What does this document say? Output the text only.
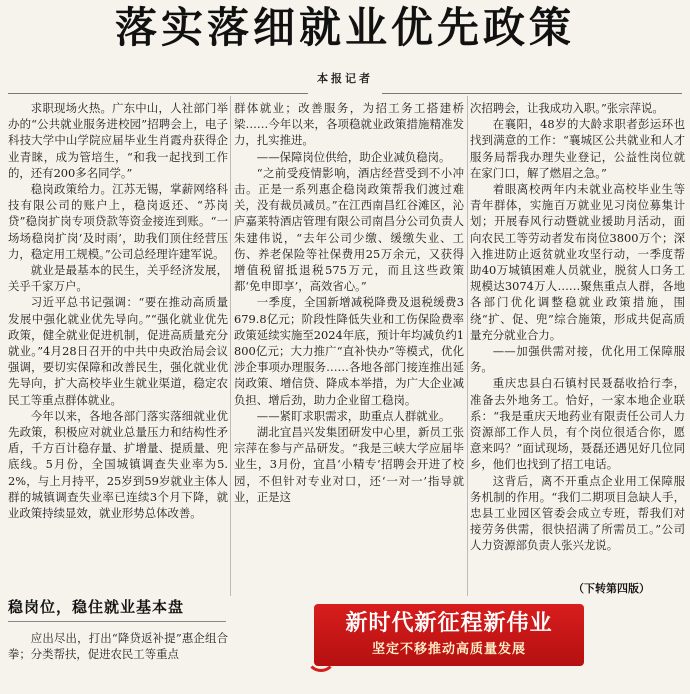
落实落细就业优先政策
本报记者

求职现场火热。广东中山，人社部门举办的“公共就业服务进校园”招聘会上，电子科技大学中山学院应届毕业生肖霞舟获得企业青睐，成为管培生，“和我一起找到工作的，还有200多名同学。”

稳岗政策给力。江苏无锡，掌薪网络科技有限公司的账户上，稳岗返还、“苏岗贷”稳岗扩岗专项贷款等资金接连到账。“一场场稳岗扩岗‘及时雨’，助我们顶住经营压力，稳定用工规模。”公司总经理许建军说。

就业是最基本的民生，关乎经济发展，关乎千家万户。

习近平总书记强调：“要在推动高质量发展中强化就业优先导向。”“强化就业优先政策，健全就业促进机制，促进高质量充分就业。”4月28日召开的中共中央政治局会议强调，要切实保障和改善民生，强化就业优先导向，扩大高校毕业生就业渠道，稳定农民工等重点群体就业。

今年以来，各地各部门落实落细就业优先政策，积极应对就业总量压力和结构性矛盾，千方百计稳存量、扩增量、提质量、兜底线。5月份，全国城镇调查失业率为5.2%，与上月持平，25岁到59岁就业主体人群的城镇调查失业率已连续3个月下降，就业政策持续显效，就业形势总体改善。

稳岗位，稳住就业基本盘

应出尽出，打出“降贷返补提”惠企组合拳；分类帮扶，促进农民工等重点

群体就业；改善服务，为招工务工搭建桥梁……今年以来，各项稳就业政策措施精准发力，扎实推进。

——保障岗位供给，助企业减负稳岗。

“之前受疫情影响，酒店经营受到不小冲击。正是一系列惠企稳岗政策帮我们渡过难关，没有裁员减员。”在江西南昌红谷滩区，沁庐嘉莱特酒店管理有限公司南昌分公司负责人朱建伟说，“去年公司少缴、缓缴失业、工伤、养老保险等社保费用25万余元，又获得增值税留抵退税575万元，而且这些政策都‘免申即享’，高效省心。”

一季度，全国新增减税降费及退税缓费3679.8亿元；阶段性降低失业和工伤保险费率政策延续实施至2024年底，预计年均减负约1800亿元；大力推广“直补快办”等模式，优化涉企事项办理服务……各地各部门接连推出延岗政策、增信贷、降成本举措，为广大企业减负担、增后劲，助力企业留工稳岗。

——紧盯求职需求，助重点人群就业。

湖北宜昌兴发集团研发中心里，新员工张宗萍在参与产品研发。“我是三峡大学应届毕业生，3月份，宜昌‘小精专’招聘会开进了校园，不但针对专业对口，还‘一对一’指导就业，正是这

次招聘会，让我成功入职。”张宗萍说。

在襄阳，48岁的大龄求职者彭运环也找到满意的工作：“襄城区公共就业和人才服务局帮我办理失业登记，公益性岗位就在家门口，解了燃眉之急。”

着眼离校两年内未就业高校毕业生等青年群体，实施百万就业见习岗位募集计划；开展春风行动暨就业援助月活动，面向农民工等劳动者发布岗位3800万个；深入推进防止返贫就业攻坚行动，一季度帮助40万城镇困难人员就业，脱贫人口务工规模达3074万人……聚焦重点人群，各地各部门优化调整稳就业政策措施，围绕“扩、促、兜”综合施策，形成共促高质量充分就业合力。

——加强供需对接，优化用工保障服务。

重庆忠县白石镇村民聂磊收拾行李，准备去外地务工。恰好，一家本地企业联系：“我是重庆天地药业有限责任公司人力资源部工作人员，有个岗位很适合你，愿意来吗？”面试现场，聂磊还遇见好几位同乡，他们也找到了招工电话。

这背后，离不开重点企业用工保障服务机制的作用。“我们二期项目急缺人手，忠县工业园区管委会成立专班，帮我们对接劳务供需，很快招满了所需员工。”公司人力资源部负责人张兴龙说。

（下转第四版）
新时代新征程新伟业
坚定不移推动高质量发展
